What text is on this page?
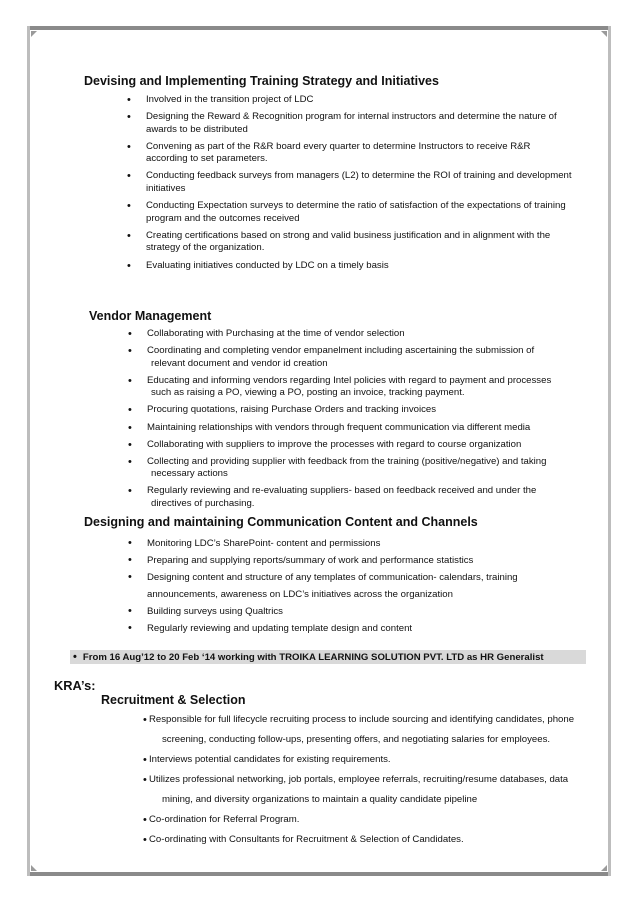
Devising and Implementing Training Strategy and Initiatives
• Involved in the transition project of LDC
• Designing the Reward & Recognition program for internal instructors and determine the nature of
awards to be distributed
• Convening as part of the R&R board every quarter to determine Instructors to receive R&R
according to set parameters.
• Conducting feedback surveys from managers (L2) to determine the ROI of training and development
initiatives
• Conducting Expectation surveys to determine the ratio of satisfaction of the expectations of training
program and the outcomes received
• Creating certifications based on strong and valid business justification and in alignment with the
strategy of the organization.
• Evaluating initiatives conducted by LDC on a timely basis
Vendor Management
• Collaborating with Purchasing at the time of vendor selection
• Coordinating and completing vendor empanelment including ascertaining the submission of
relevant document and vendor id creation
• Educating and informing vendors regarding Intel policies with regard to payment and processes
such as raising a PO, viewing a PO, posting an invoice, tracking payment.
• Procuring quotations, raising Purchase Orders and tracking invoices
• Maintaining relationships with vendors through frequent communication via different media
• Collaborating with suppliers to improve the processes with regard to course organization
• Collecting and providing supplier with feedback from the training (positive/negative) and taking
necessary actions
• Regularly reviewing and re-evaluating suppliers- based on feedback received and under the
directives of purchasing.
Designing and maintaining Communication Content and Channels
• Monitoring LDC’s SharePoint- content and permissions
• Preparing and supplying reports/summary of work and performance statistics
• Designing content and structure of any templates of communication- calendars, training
announcements, awareness on LDC’s initiatives across the organization
• Building surveys using Qualtrics
• Regularly reviewing and updating template design and content
• From 16 Aug’12 to 20 Feb ‘14 working with TROIKA LEARNING SOLUTION PVT. LTD as HR Generalist
KRA’s:
Recruitment & Selection
• Responsible for full lifecycle recruiting process to include sourcing and identifying candidates, phone
screening, conducting follow-ups, presenting offers, and negotiating salaries for employees.
• Interviews potential candidates for existing requirements.
• Utilizes professional networking, job portals, employee referrals, recruiting/resume databases, data
mining, and diversity organizations to maintain a quality candidate pipeline
• Co-ordination for Referral Program.
• Co-ordinating with Consultants for Recruitment & Selection of Candidates.
